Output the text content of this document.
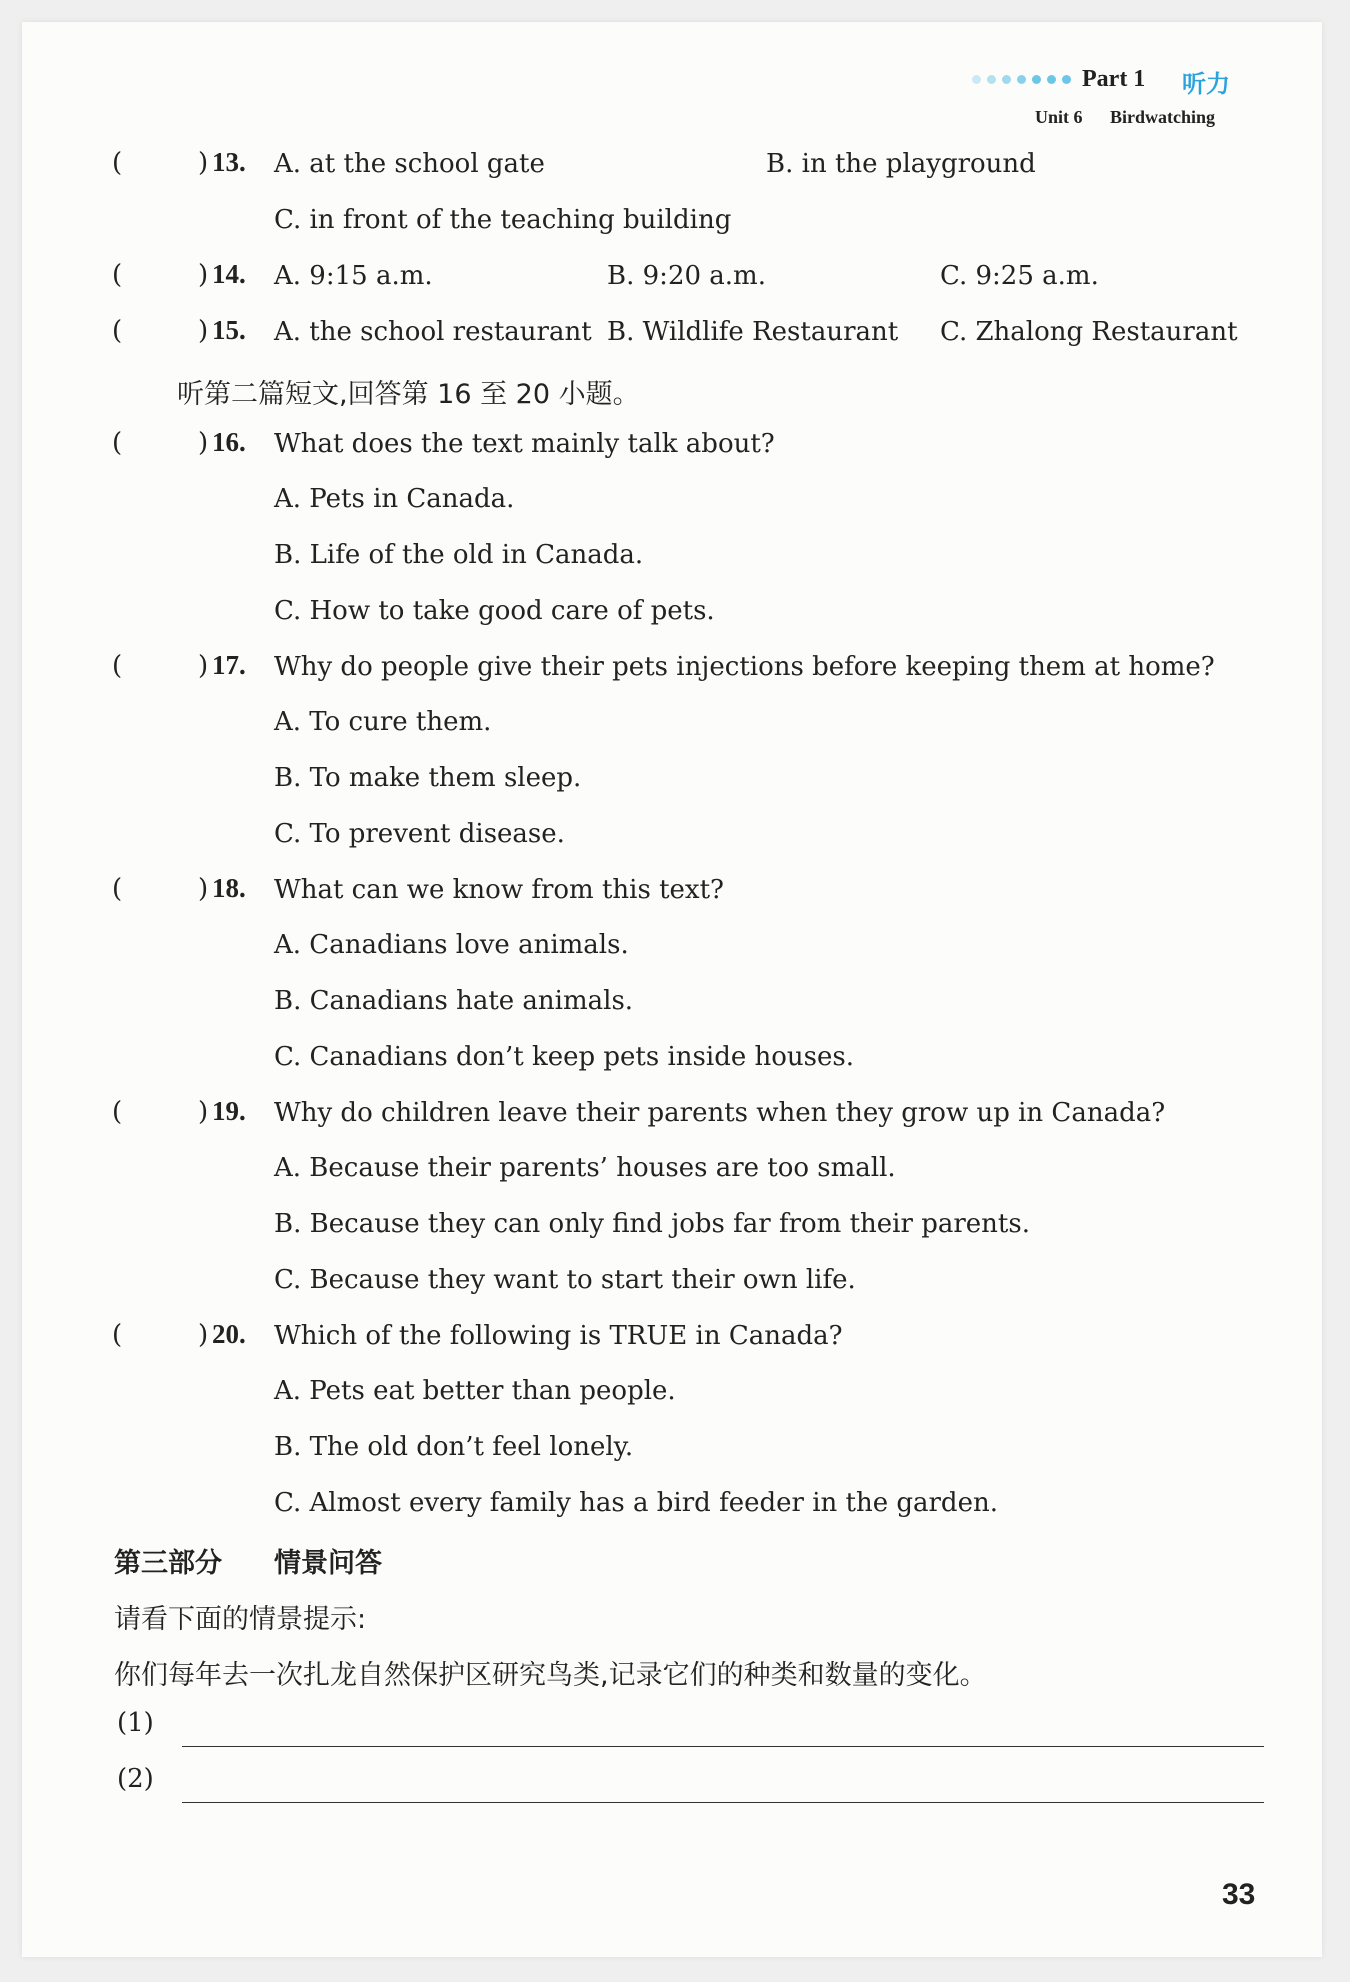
Part 1 听力
Unit 6 Birdwatching
(	) 13. A. at the school gate	B. in the playground
C. in front of the teaching building
(	) 14. A. 9:15 a.m.	B. 9:20 a.m.	C. 9:25 a.m.
(	) 15. A. the school restaurant B. Wildlife Restaurant C. Zhalong Restaurant
听第二篇短文,回答第 16 至 20 小题。
(	) 16. What does the text mainly talk about?
A. Pets in Canada.
B. Life of the old in Canada.
C. How to take good care of pets.
(	) 17. Why do people give their pets injections before keeping them at home?
A. To cure them.
B. To make them sleep.
C. To prevent disease.
(	) 18. What can we know from this text?
A. Canadians love animals.
B. Canadians hate animals.
C. Canadians don’t keep pets inside houses.
(	) 19. Why do children leave their parents when they grow up in Canada?
A. Because their parents’ houses are too small.
B. Because they can only find jobs far from their parents.
C. Because they want to start their own life.
(	) 20. Which of the following is TRUE in Canada?
A. Pets eat better than people.
B. The old don’t feel lonely.
C. Almost every family has a bird feeder in the garden.
第三部分 情景问答
请看下面的情景提示:
你们每年去一次扎龙自然保护区研究鸟类,记录它们的种类和数量的变化。
(1)
(2)
33
